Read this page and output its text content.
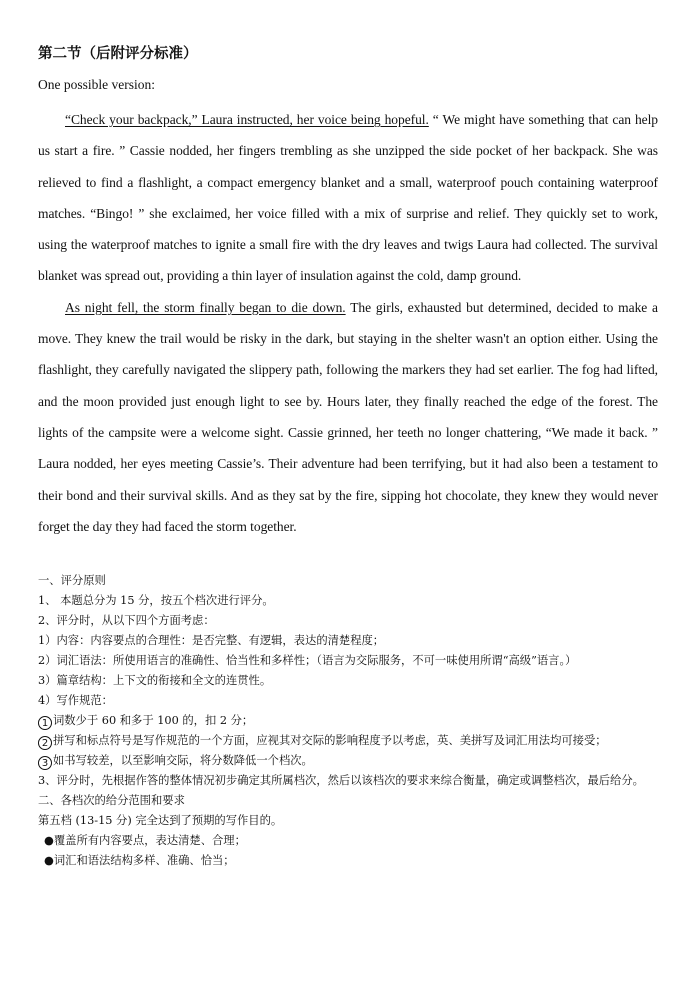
第二节（后附评分标准）
One possible version:

“Check your backpack,” Laura instructed, her voice being hopeful. “ We might have something that can help us start a fire. ” Cassie nodded, her fingers trembling as she unzipped the side pocket of her backpack. She was relieved to find a flashlight, a compact emergency blanket and a small, waterproof pouch containing waterproof matches. “Bingo! ” she exclaimed, her voice filled with a mix of surprise and relief. They quickly set to work, using the waterproof matches to ignite a small fire with the dry leaves and twigs Laura had collected. The survival blanket was spread out, providing a thin layer of insulation against the cold, damp ground.

As night fell, the storm finally began to die down. The girls, exhausted but determined, decided to make a move. They knew the trail would be risky in the dark, but staying in the shelter wasn't an option either. Using the flashlight, they carefully navigated the slippery path, following the markers they had set earlier. The fog had lifted, and the moon provided just enough light to see by. Hours later, they finally reached the edge of the forest. The lights of the campsite were a welcome sight. Cassie grinned, her teeth no longer chattering, “We made it back. ” Laura nodded, her eyes meeting Cassie’s. Their adventure had been terrifying, but it had also been a testament to their bond and their survival skills. And as they sat by the fire, sipping hot chocolate, they knew they would never forget the day they had faced the storm together.

一、评分原则
1、 本题总分为 15 分，按五个档次进行评分。
2、评分时，从以下四个方面考虑：
1）内容：内容要点的合理性：是否完整、有逻辑，表达的清楚程度；
2）词汇语法：所使用语言的准确性、恰当性和多样性；（语言为交际服务，不可一味使用所谓“高级”语言。）
3）篇章结构：上下文的衔接和全文的连贯性。
4）写作规范：
1 词数少于 60 和多于 100 的，扣 2 分；
2 拼写和标点符号是写作规范的一个方面，应视其对交际的影响程度予以考虑，英、美拼写及词汇用法均可接受；
3 如书写较差，以至影响交际，将分数降低一个档次。
3、评分时，先根据作答的整体情况初步确定其所属档次，然后以该档次的要求来综合衡量，确定或调整档次，最后给分。
二、各档次的给分范围和要求
第五档 (13-15 分) 完全达到了预期的写作目的。
●覆盖所有内容要点，表达清楚、合理；
●词汇和语法结构多样、准确、恰当；
